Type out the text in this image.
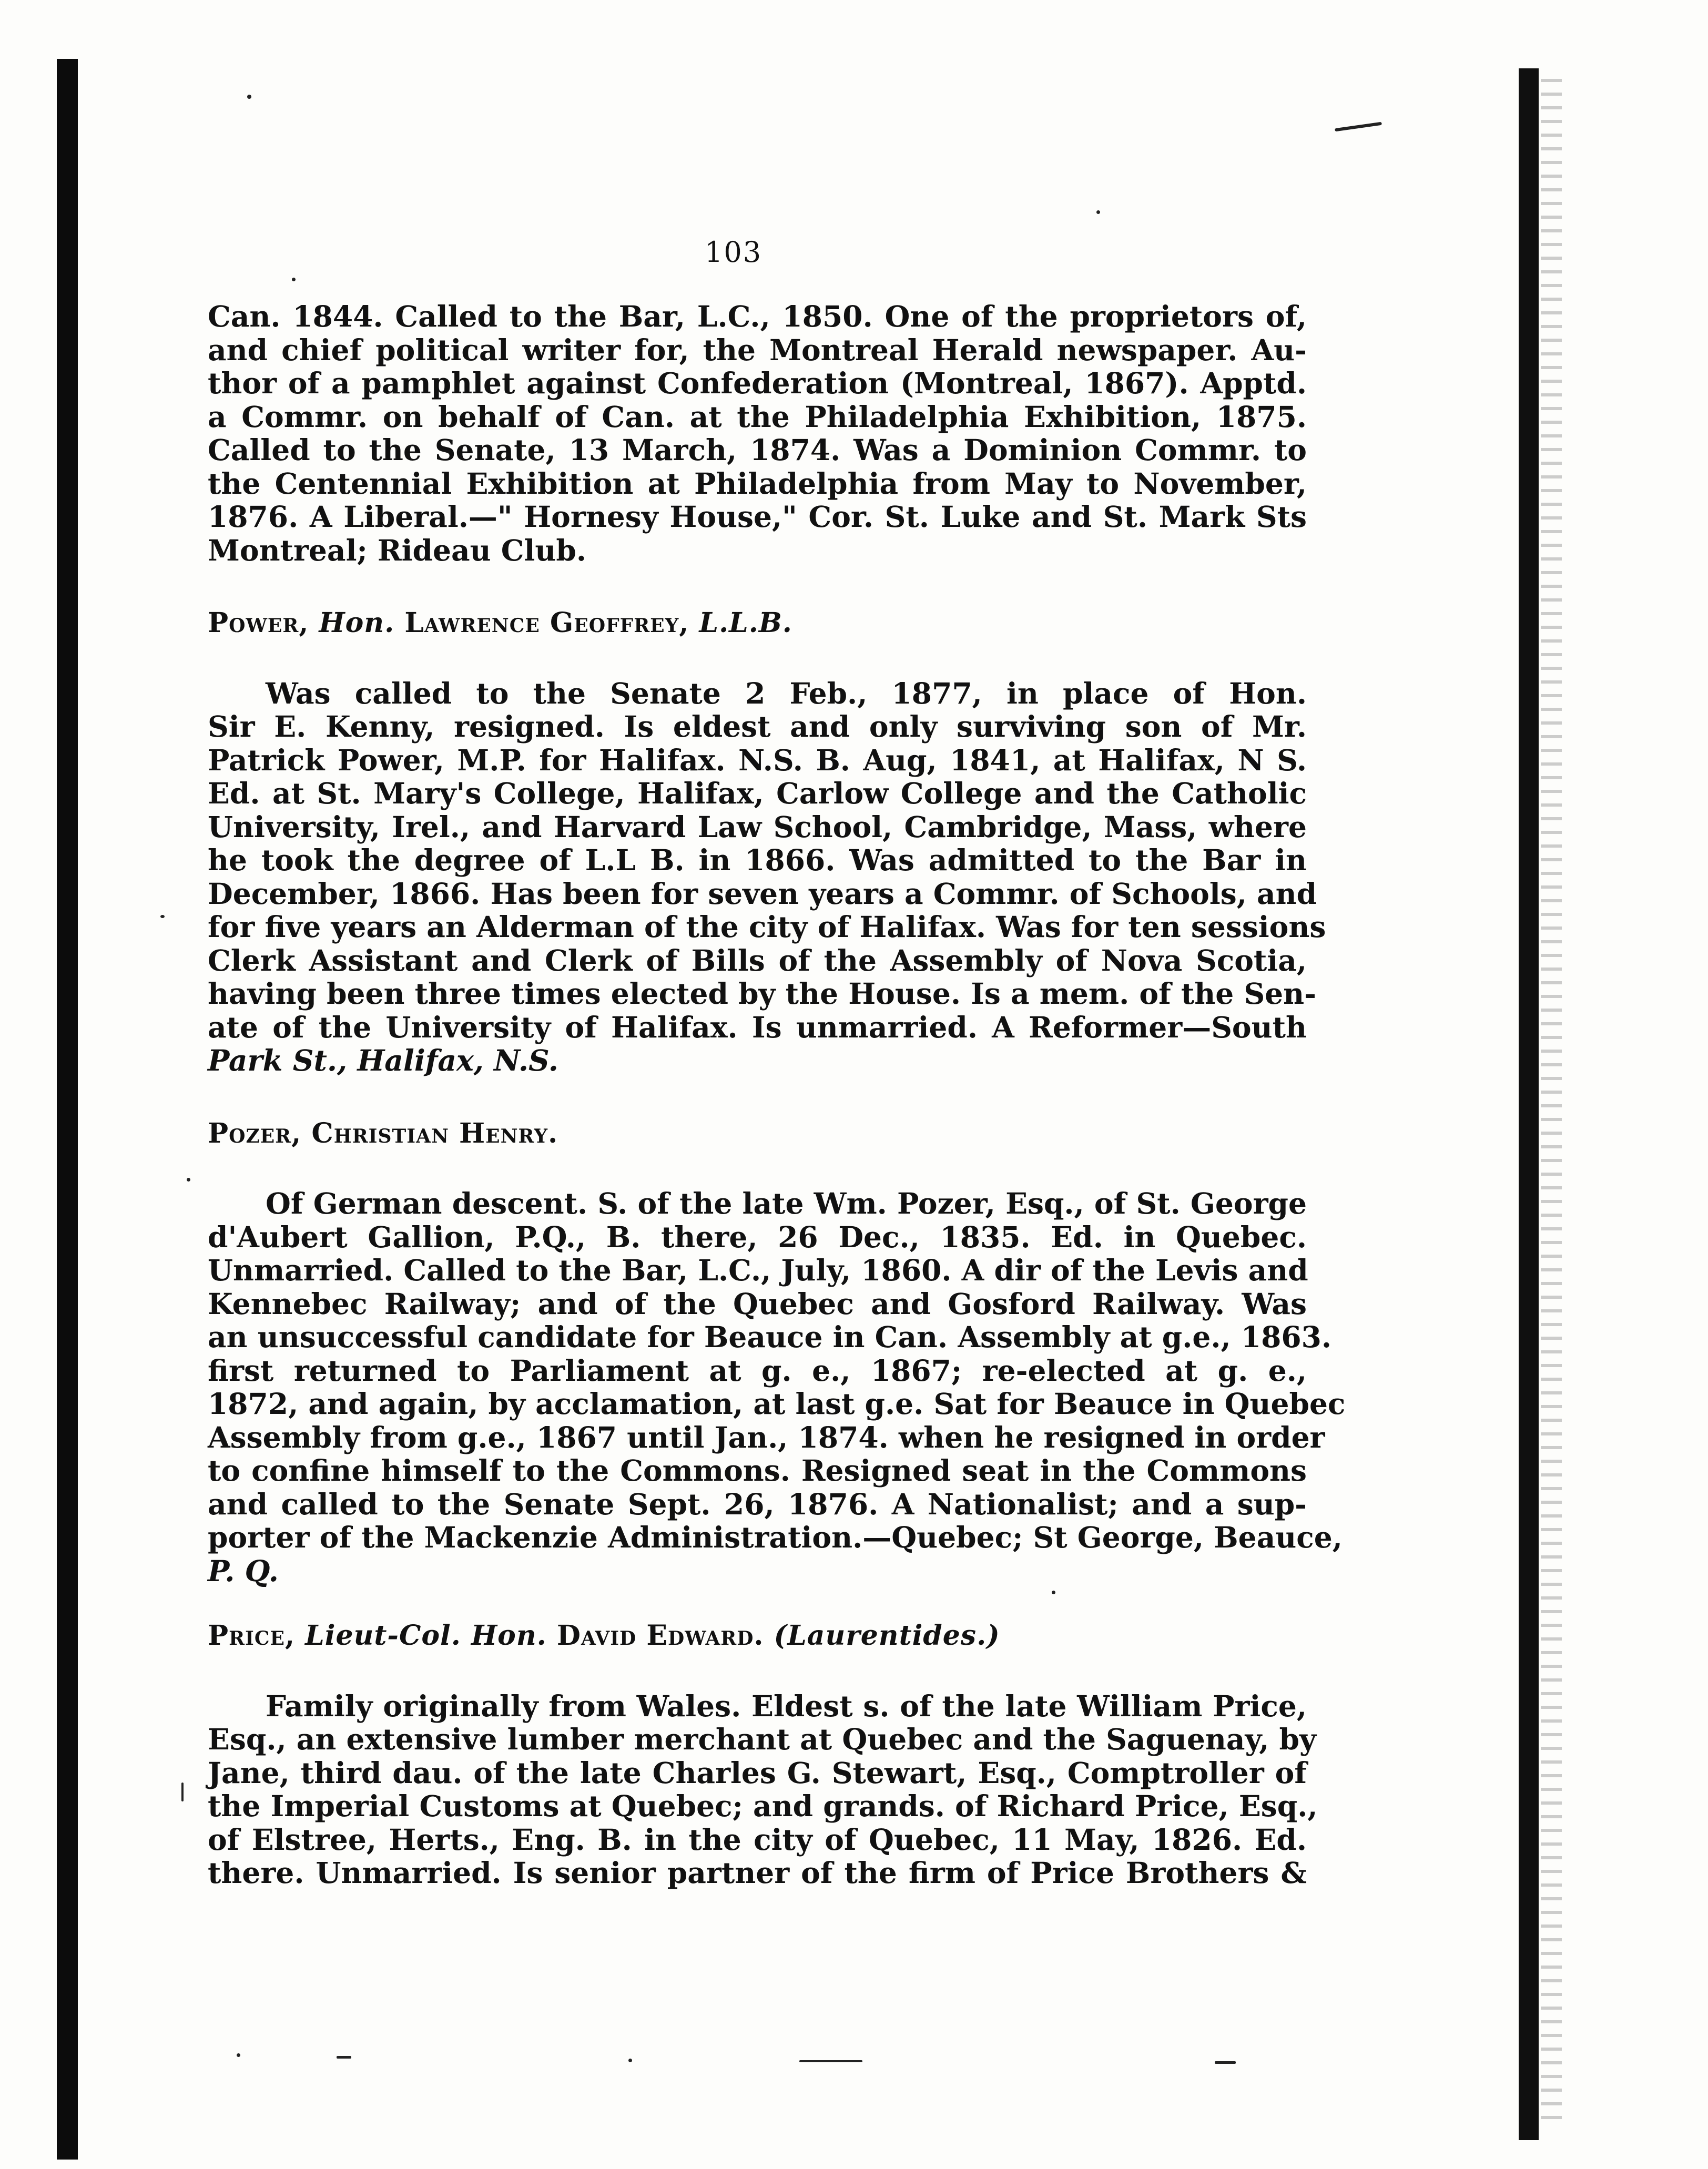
103
Can. 1844. Called to the Bar, L.C., 1850. One of the proprietors of,
and chief political writer for, the Montreal Herald newspaper. Au-
thor of a pamphlet against Confederation (Montreal, 1867). Apptd.
a Commr. on behalf of Can. at the Philadelphia Exhibition, 1875.
Called to the Senate, 13 March, 1874. Was a Dominion Commr. to
the Centennial Exhibition at Philadelphia from May to November,
1876. A Liberal.—" Hornesy House," Cor. St. Luke and St. Mark Sts
Montreal; Rideau Club.
Power, Hon. Lawrence Geoffrey, L.L.B.
Was called to the Senate 2 Feb., 1877, in place of Hon.
Sir E. Kenny, resigned. Is eldest and only surviving son of Mr.
Patrick Power, M.P. for Halifax. N.S. B. Aug, 1841, at Halifax, N S.
Ed. at St. Mary's College, Halifax, Carlow College and the Catholic
University, Irel., and Harvard Law School, Cambridge, Mass, where
he took the degree of L.L B. in 1866. Was admitted to the Bar in
December, 1866. Has been for seven years a Commr. of Schools, and
for five years an Alderman of the city of Halifax. Was for ten sessions
Clerk Assistant and Clerk of Bills of the Assembly of Nova Scotia,
having been three times elected by the House. Is a mem. of the Sen-
ate of the University of Halifax. Is unmarried. A Reformer—South
Park St., Halifax, N.S.
Pozer, Christian Henry.
Of German descent. S. of the late Wm. Pozer, Esq., of St. George
d'Aubert Gallion, P.Q., B. there, 26 Dec., 1835. Ed. in Quebec.
Unmarried. Called to the Bar, L.C., July, 1860. A dir of the Levis and
Kennebec Railway; and of the Quebec and Gosford Railway. Was
an unsuccessful candidate for Beauce in Can. Assembly at g.e., 1863.
first returned to Parliament at g. e., 1867; re-elected at g. e.,
1872, and again, by acclamation, at last g.e. Sat for Beauce in Quebec
Assembly from g.e., 1867 until Jan., 1874. when he resigned in order
to confine himself to the Commons. Resigned seat in the Commons
and called to the Senate Sept. 26, 1876. A Nationalist; and a sup-
porter of the Mackenzie Administration.—Quebec; St George, Beauce,
P. Q.
Price, Lieut-Col. Hon. David Edward. (Laurentides.)
Family originally from Wales. Eldest s. of the late William Price,
Esq., an extensive lumber merchant at Quebec and the Saguenay, by
Jane, third dau. of the late Charles G. Stewart, Esq., Comptroller of
the Imperial Customs at Quebec; and grands. of Richard Price, Esq.,
of Elstree, Herts., Eng. B. in the city of Quebec, 11 May, 1826. Ed.
there. Unmarried. Is senior partner of the firm of Price Brothers &
